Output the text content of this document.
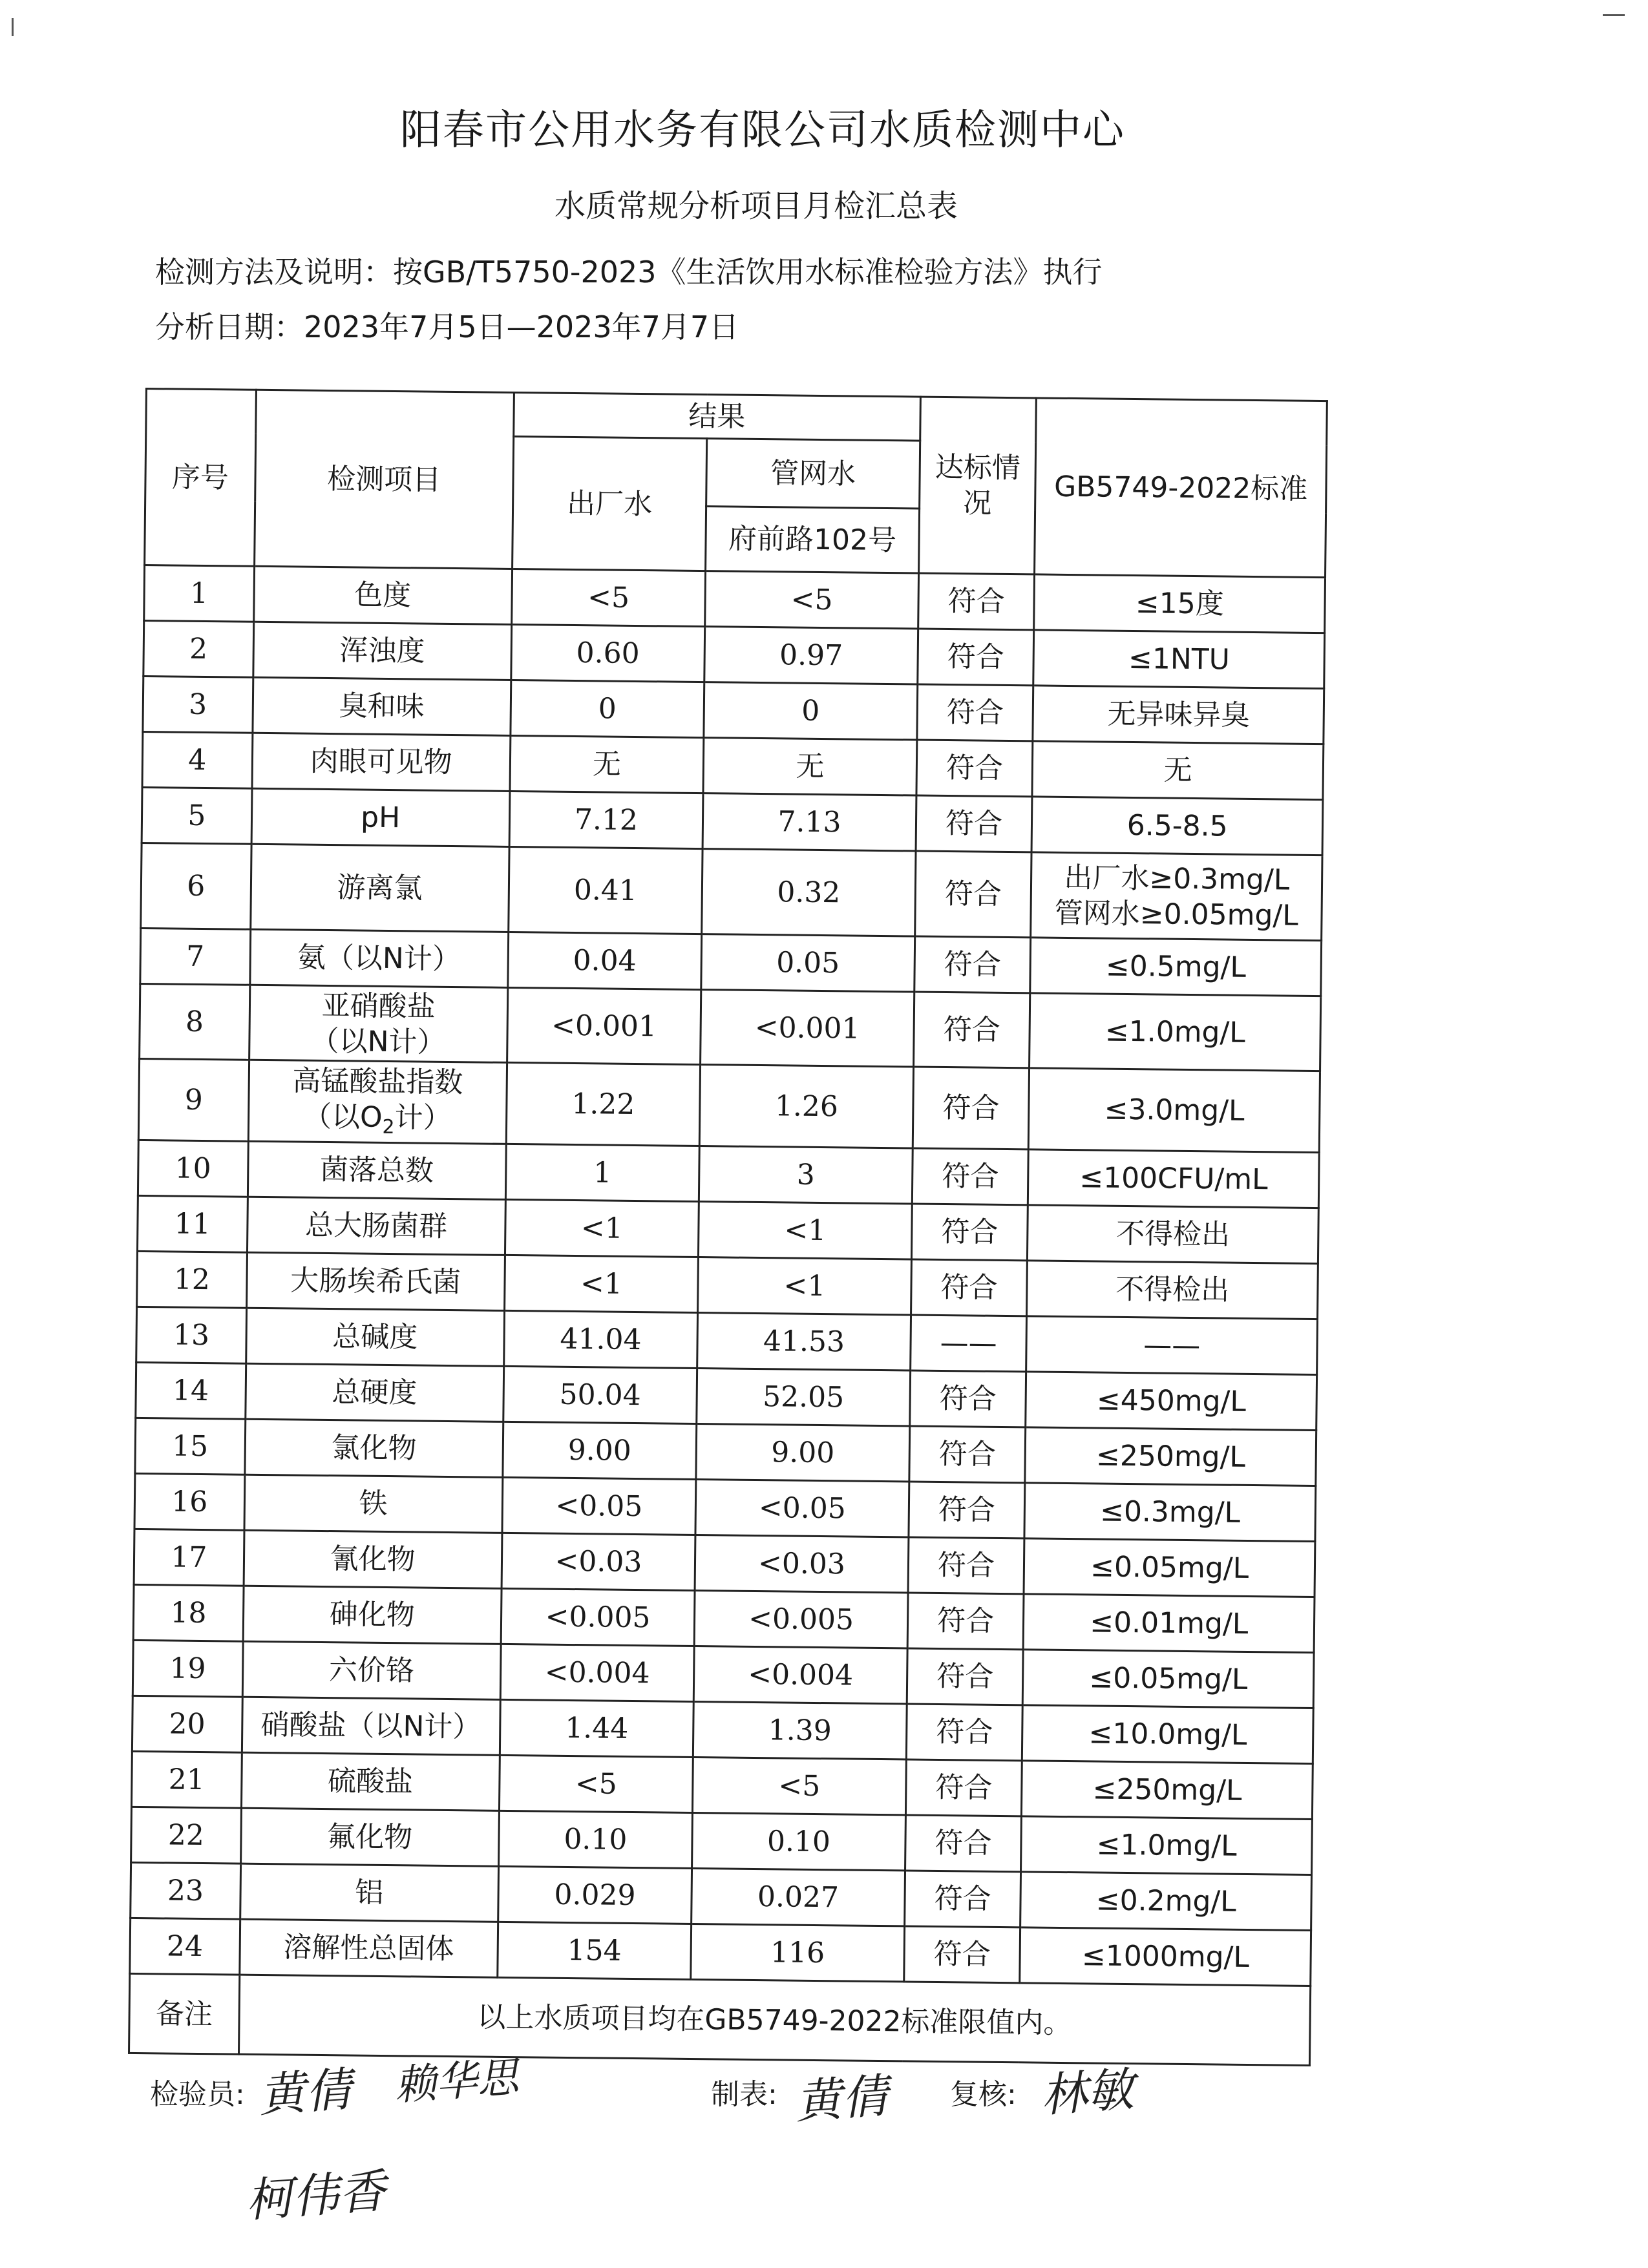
阳春市公用水务有限公司水质检测中心
水质常规分析项目月检汇总表
检测方法及说明：按GB/T5750-2023《生活饮用水标准检验方法》执行
分析日期：2023年7月5日—2023年7月7日
序号	检测项目	结果		达标情况	GB5749-2022标准
		出厂水	管网水		
			府前路102号		
1	色度	<5	<5	符合	≤15度
2	浑浊度	0.60	0.97	符合	≤1NTU
3	臭和味	0	0	符合	无异味异臭
4	肉眼可见物	无	无	符合	无
5	pH	7.12	7.13	符合	6.5-8.5
6	游离氯	0.41	0.32	符合	出厂水≥0.3mg/L
管网水≥0.05mg/L

7	氨（以N计）	0.04	0.05	符合	≤0.5mg/L
8	亚硝酸盐
（以N计）	<0.001	<0.001	符合	≤1.0mg/L
9	高锰酸盐指数
（以$O_2$计）	1.22	1.26	符合	≤3.0mg/L
10	菌落总数	1	3	符合	≤100CFU/mL
11	总大肠菌群	<1	<1	符合	不得检出
12	大肠埃希氏菌	<1	<1	符合	不得检出
13	总碱度	41.04	41.53	——	——
14	总硬度	50.04	52.05	符合	≤450mg/L
15	氯化物	9.00	9.00	符合	≤250mg/L
16	铁	<0.05	<0.05	符合	≤0.3mg/L
17	氰化物	<0.03	<0.03	符合	≤0.05mg/L
18	砷化物	<0.005	<0.005	符合	≤0.01mg/L
19	六价铬	<0.004	<0.004	符合	≤0.05mg/L
20	硝酸盐（以N计）	1.44	1.39	符合	≤10.0mg/L
21	硫酸盐	<5	<5	符合	≤250mg/L
22	氟化物	0.10	0.10	符合	≤1.0mg/L
23	铝	0.029	0.027	符合	≤0.2mg/L
24	溶解性总固体	154	116	符合	≤1000mg/L
备注	以上水质项目均在GB5749-2022标准限值内。				
检验员: 黄倩 赖华思
柯伟香
制表: 黄倩 复核: 林敏
